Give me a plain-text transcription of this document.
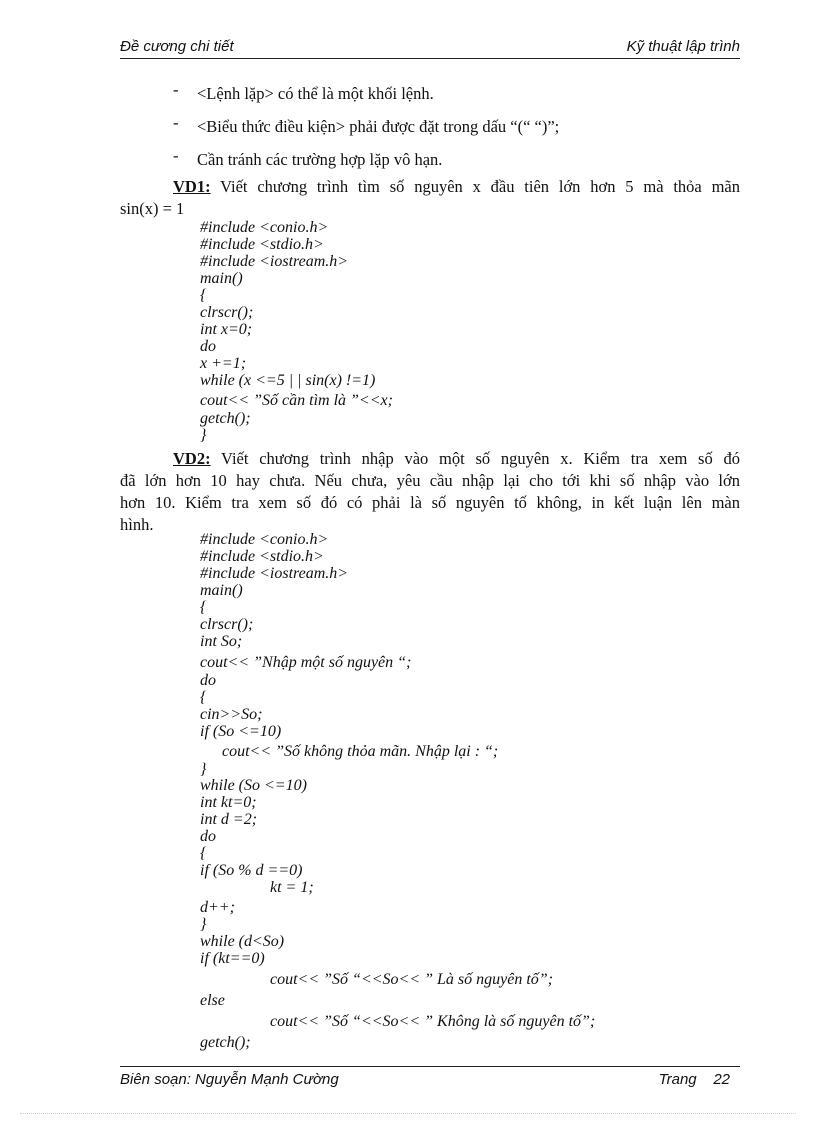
Đề cương chi tiết	Kỹ thuật lập trình
- <Lệnh lặp> có thể là một khối lệnh.
- <Biểu thức điều kiện> phải được đặt trong dấu “(“ “)”;
- Cần tránh các trường hợp lặp vô hạn.
VD1: Viết chương trình tìm số nguyên x đầu tiên lớn hơn 5 mà thỏa mãn
sin(x) = 1
#include <conio.h>
#include <stdio.h>
#include <iostream.h>
main()
{
clrscr();
int x=0;
do
x +=1;
while (x <=5 | | sin(x) !=1)
cout<< ”Số cần tìm là ”<<x;
getch();
}
VD2: Viết chương trình nhập vào một số nguyên x. Kiểm tra xem số đó
đã lớn hơn 10 hay chưa. Nếu chưa, yêu cầu nhập lại cho tới khi số nhập vào lớn
hơn 10. Kiểm tra xem số đó có phải là số nguyên tố không, in kết luận lên màn
hình.
#include <conio.h>
#include <stdio.h>
#include <iostream.h>
main()
{
clrscr();
int So;
cout<< ”Nhập một số nguyên “;
do
{
cin>>So;
if (So <=10)
cout<< ”Số không thỏa mãn. Nhập lại : “;
}
while (So <=10)
int kt=0;
int d =2;
do
{
if (So % d ==0)
kt = 1;
d++;
}
while (d<So)
if (kt==0)
cout<< ”Số “<<So<< ” Là số nguyên tố”;
else
cout<< ”Số “<<So<< ” Không là số nguyên tố”;
getch();
Biên soạn: Nguyễn Mạnh Cường	Trang 22
